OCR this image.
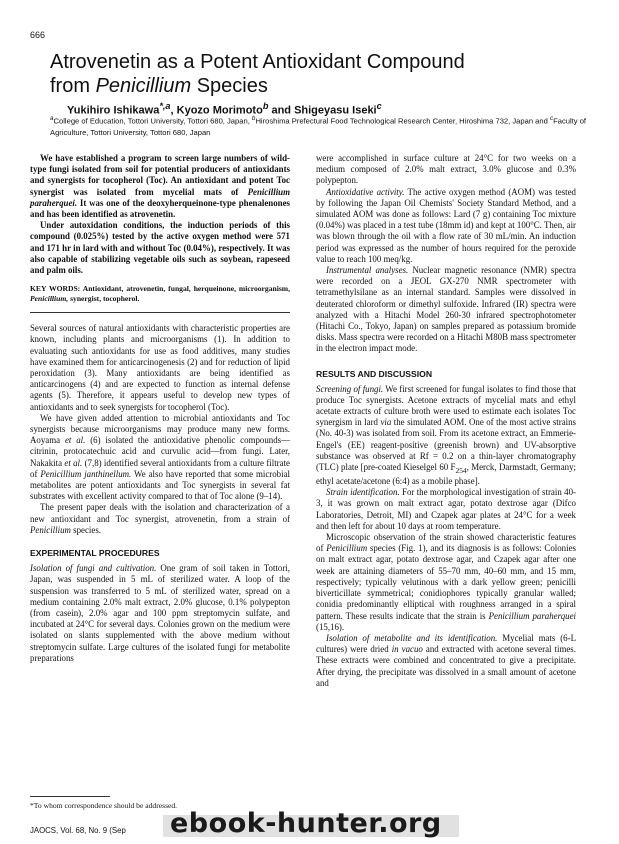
666
Atrovenetin as a Potent Antioxidant Compound
from Penicillium Species
Yukihiro Ishikawa$^{*,a}$, Kyozo Morimoto$^b$ and Shigeyasu Iseki$^c$
$^a$College of Education, Tottori University, Tottori 680, Japan, $^b$Hiroshima Prefectural Food Technological Research Center, Hiroshima 732, Japan and $^c$Faculty of Agriculture, Tottori University, Tottori 680, Japan

We have established a program to screen large numbers of wild-type fungi isolated from soil for potential producers of antioxidants and synergists for tocopherol (Toc). An antioxidant and potent Toc synergist was isolated from mycelial mats of Penicillium paraherquei. It was one of the deoxyherqueinone-type phenalenones and has been identified as atrovenetin.

Under autoxidation conditions, the induction periods of this compound (0.025%) tested by the active oxygen method were 571 and 171 hr in lard with and without Toc (0.04%), respectively. It was also capable of stabilizing vegetable oils such as soybean, rapeseed and palm oils.

KEY WORDS: Antioxidant, atrovenetin, fungal, herqueinone, microorganism, Penicillium, synergist, tocopherol.

Several sources of natural antioxidants with characteristic properties are known, including plants and microorganisms (1). In addition to evaluating such antioxidants for use as food additives, many studies have examined them for anticarcinogenesis (2) and for reduction of lipid peroxidation (3). Many antioxidants are being identified as anticarcinogens (4) and are expected to function as internal defense agents (5). Therefore, it appears useful to develop new types of antioxidants and to seek synergists for tocopherol (Toc).

We have given added attention to microbial antioxidants and Toc synergists because microorganisms may produce many new forms. Aoyama et al. (6) isolated the antioxidative phenolic compounds—citrinin, protocatechuic acid and curvulic acid—from fungi. Later, Nakakita et al. (7,8) identified several antioxidants from a culture filtrate of Penicillium janthinellum. We also have reported that some microbial metabolites are potent antioxidants and Toc synergists in several fat substrates with excellent activity compared to that of Toc alone (9–14).

The present paper deals with the isolation and characterization of a new antioxidant and Toc synergist, atrovenetin, from a strain of Penicillium species.

EXPERIMENTAL PROCEDURES

Isolation of fungi and cultivation. One gram of soil taken in Tottori, Japan, was suspended in 5 mL of sterilized water. A loop of the suspension was transferred to 5 mL of sterilized water, spread on a medium containing 2.0% malt extract, 2.0% glucose, 0.1% polypepton (from casein), 2.0% agar and 100 ppm streptomycin sulfate, and incubated at 24°C for several days. Colonies grown on the medium were isolated on slants supplemented with the above medium without streptomycin sulfate. Large cultures of the isolated fungi for metabolite preparations

were accomplished in surface culture at 24°C for two weeks on a medium composed of 2.0% malt extract, 3.0% glucose and 0.3% polypepton.

Antioxidative activity. The active oxygen method (AOM) was tested by following the Japan Oil Chemists' Society Standard Method, and a simulated AOM was done as follows: Lard (7 g) containing Toc mixture (0.04%) was placed in a test tube (18mm id) and kept at 100°C. Then, air was blown through the oil with a flow rate of 30 mL/min. An induction period was expressed as the number of hours required for the peroxide value to reach 100 meq/kg.

Instrumental analyses. Nuclear magnetic resonance (NMR) spectra were recorded on a JEOL GX-270 NMR spectrometer with tetramethylsilane as an internal standard. Samples were dissolved in deuterated chloroform or dimethyl sulfoxide. Infrared (IR) spectra were analyzed with a Hitachi Model 260-30 infrared spectrophotometer (Hitachi Co., Tokyo, Japan) on samples prepared as potassium bromide disks. Mass spectra were recorded on a Hitachi M80B mass spectrometer in the electron impact mode.

RESULTS AND DISCUSSION

Screening of fungi. We first screened for fungal isolates to find those that produce Toc synergists. Acetone extracts of mycelial mats and ethyl acetate extracts of culture broth were used to estimate each isolates Toc synergism in lard via the simulated AOM. One of the most active strains (No. 40-3) was isolated from soil. From its acetone extract, an Emmerie-Engel's (EE) reagent-positive (greenish brown) and UV-absorptive substance was observed at Rf = 0.2 on a thin-layer chromatography (TLC) plate [pre-coated Kieselgel 60 $F_{254}$, Merck, Darmstadt, Germany; ethyl acetate/acetone (6:4) as a mobile phase].

Strain identification. For the morphological investigation of strain 40-3, it was grown on malt extract agar, potato dextrose agar (Difco Laboratories, Detroit, MI) and Czapek agar plates at 24°C for a week and then left for about 10 days at room temperature.

Microscopic observation of the strain showed characteristic features of Penicillium species (Fig. 1), and its diagnosis is as follows: Colonies on malt extract agar, potato dextrose agar, and Czapek agar after one week are attaining diameters of 55–70 mm, 40–60 mm, and 15 mm, respectively; typically velutinous with a dark yellow green; penicilli biverticillate symmetrical; conidiophores typically granular walled; conidia predominantly elliptical with roughness arranged in a spiral pattern. These results indicate that the strain is Penicillium paraherquei (15,16).

Isolation of metabolite and its identification. Mycelial mats (6-L cultures) were dried in vacuo and extracted with acetone several times. These extracts were combined and concentrated to give a precipitate. After drying, the precipitate was dissolved in a small amount of acetone and

*To whom correspondence should be addressed.
JAOCS, Vol. 68, No. 9 (Sep ebook-hunter.org
